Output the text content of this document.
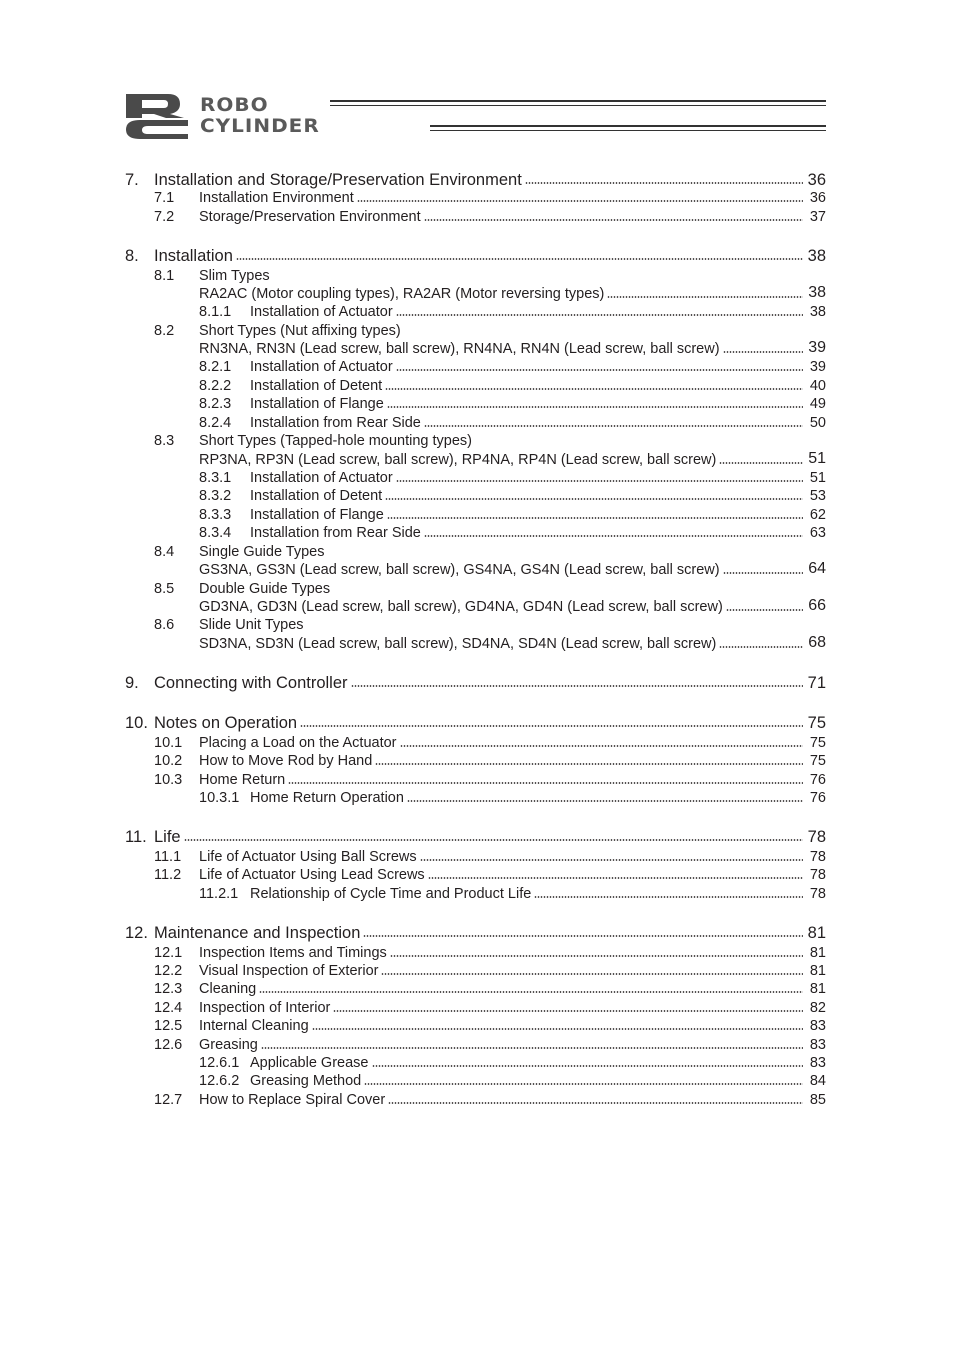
ROBO
CYLINDER
7. Installation and Storage/Preservation Environment	36
7.1 Installation Environment	36
7.2 Storage/Preservation Environment	37
8. Installation	38
8.1 Slim Types
RA2AC (Motor coupling types), RA2AR (Motor reversing types)	38
8.1.1 Installation of Actuator	38
8.2 Short Types (Nut affixing types)
RN3NA, RN3N (Lead screw, ball screw), RN4NA, RN4N (Lead screw, ball screw)	39
8.2.1 Installation of Actuator	39
8.2.2 Installation of Detent	40
8.2.3 Installation of Flange	49
8.2.4 Installation from Rear Side	50
8.3 Short Types (Tapped-hole mounting types)
RP3NA, RP3N (Lead screw, ball screw), RP4NA, RP4N (Lead screw, ball screw)	51
8.3.1 Installation of Actuator	51
8.3.2 Installation of Detent	53
8.3.3 Installation of Flange	62
8.3.4 Installation from Rear Side	63
8.4 Single Guide Types
GS3NA, GS3N (Lead screw, ball screw), GS4NA, GS4N (Lead screw, ball screw)	64
8.5 Double Guide Types
GD3NA, GD3N (Lead screw, ball screw), GD4NA, GD4N (Lead screw, ball screw)	66
8.6 Slide Unit Types
SD3NA, SD3N (Lead screw, ball screw), SD4NA, SD4N (Lead screw, ball screw)	68
9. Connecting with Controller	71
10. Notes on Operation	75
10.1 Placing a Load on the Actuator	75
10.2 How to Move Rod by Hand	75
10.3 Home Return	76
10.3.1 Home Return Operation	76
11. Life	78
11.1 Life of Actuator Using Ball Screws	78
11.2 Life of Actuator Using Lead Screws	78
11.2.1 Relationship of Cycle Time and Product Life	78
12. Maintenance and Inspection	81
12.1 Inspection Items and Timings	81
12.2 Visual Inspection of Exterior	81
12.3 Cleaning	81
12.4 Inspection of Interior	82
12.5 Internal Cleaning	83
12.6 Greasing	83
12.6.1 Applicable Grease	83
12.6.2 Greasing Method	84
12.7 How to Replace Spiral Cover	85
